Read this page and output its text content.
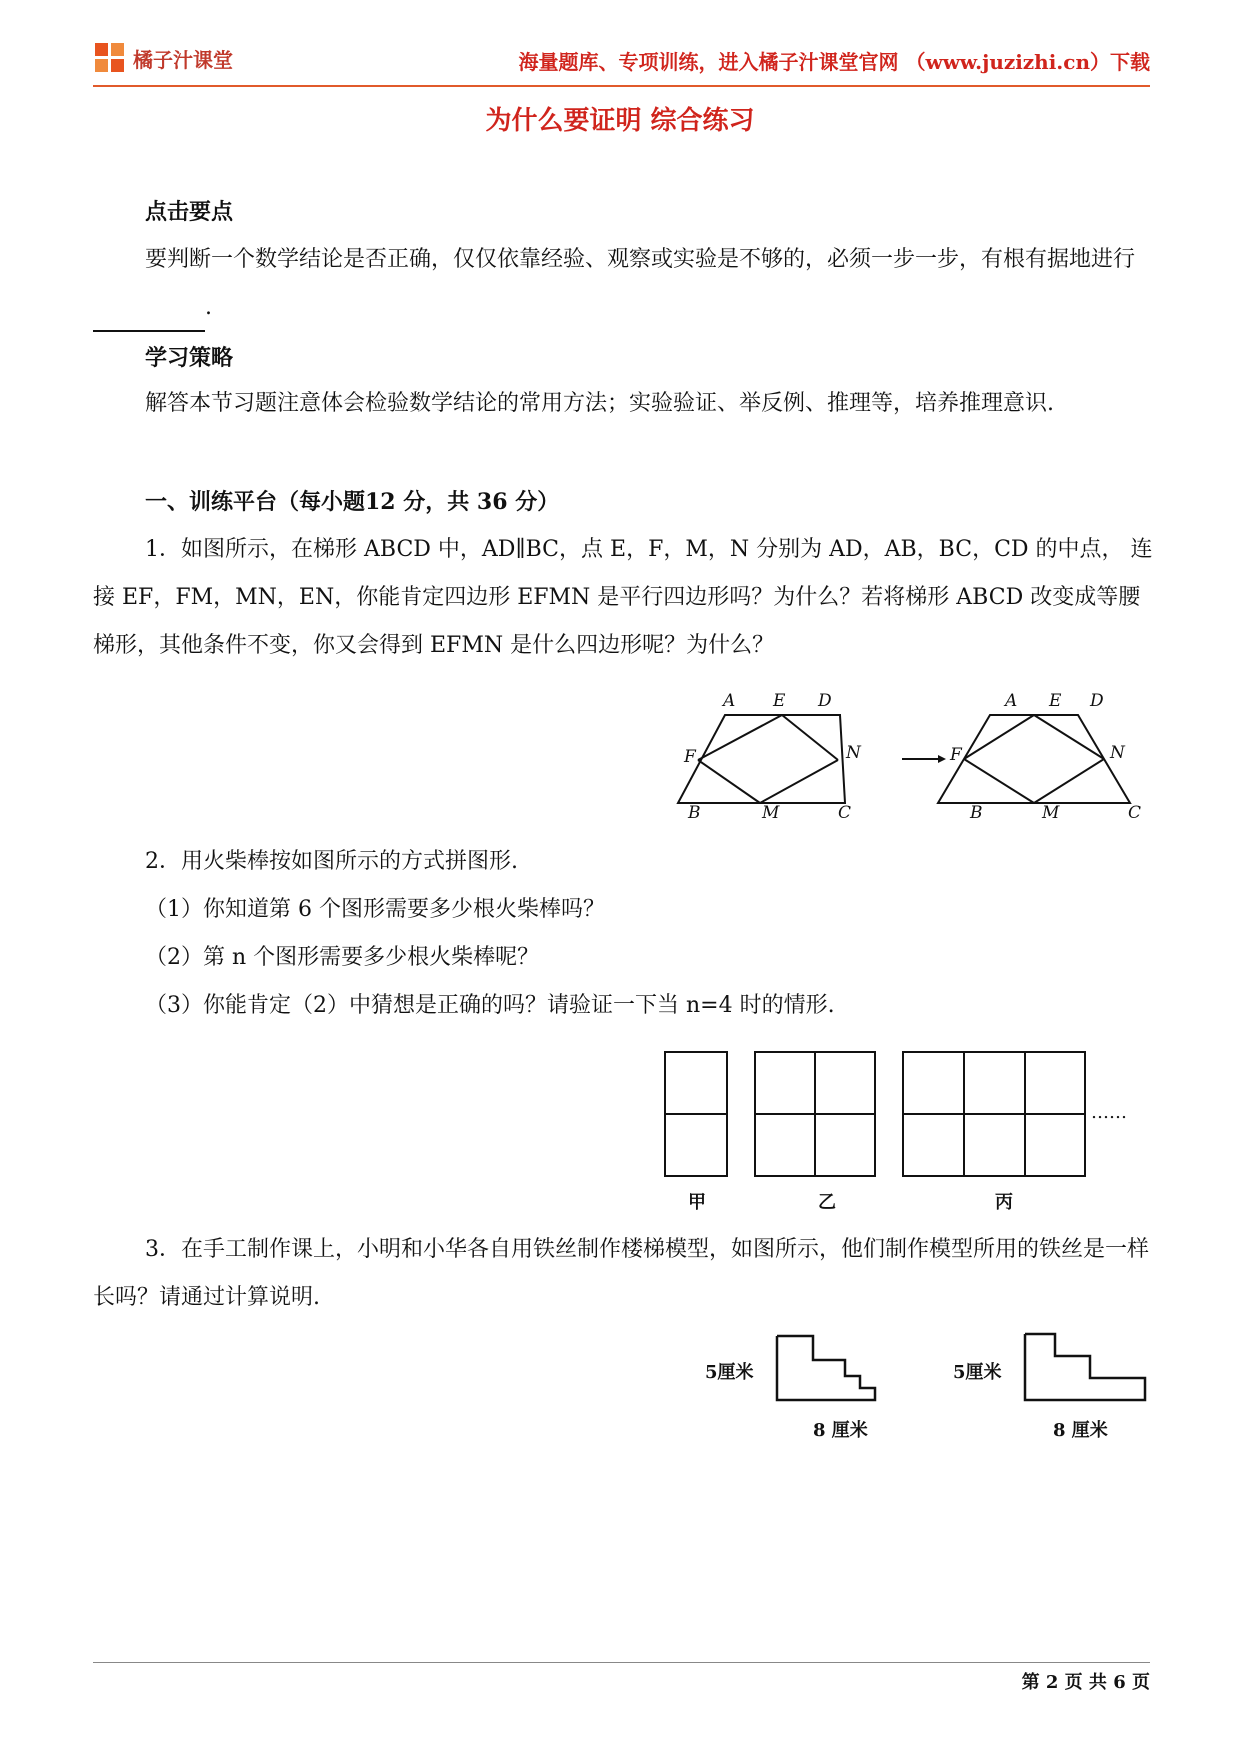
橘子汁课堂	海量题库、专项训练，进入橘子汁课堂官网 （www.juzizhi.cn）下载
为什么要证明 综合练习
点击要点
要判断一个数学结论是否正确，仅仅依靠经验、观察或实验是不够的，必须一步一步，有根有据地进行.
学习策略
解答本节习题注意体会检验数学结论的常用方法；实验验证、举反例、推理等，培养推理意识.
一、训练平台（每小题12 分，共 36 分）
1．如图所示，在梯形 ABCD 中，AD∥BC，点 E，F，M，N 分别为 AD，AB，BC，CD 的中点， 连接 EF，FM，MN，EN，你能肯定四边形 EFMN 是平行四边形吗？为什么？若将梯形 ABCD 改变成等腰梯形，其他条件不变，你又会得到 EFMN 是什么四边形呢？为什么？
A E D
F	N
B	M	C
A E D
F	N
B	M	C
2．用火柴棒按如图所示的方式拼图形.
（1）你知道第 6 个图形需要多少根火柴棒吗？
（2）第 n 个图形需要多少根火柴棒呢？
（3）你能肯定（2）中猜想是正确的吗？请验证一下当 n=4 时的情形.
……
甲	乙	丙
3．在手工制作课上，小明和小华各自用铁丝制作楼梯模型，如图所示，他们制作模型所用的铁丝是一样长吗？请通过计算说明.
5厘米
8 厘米
5厘米
8 厘米
第 2 页 共 6 页
